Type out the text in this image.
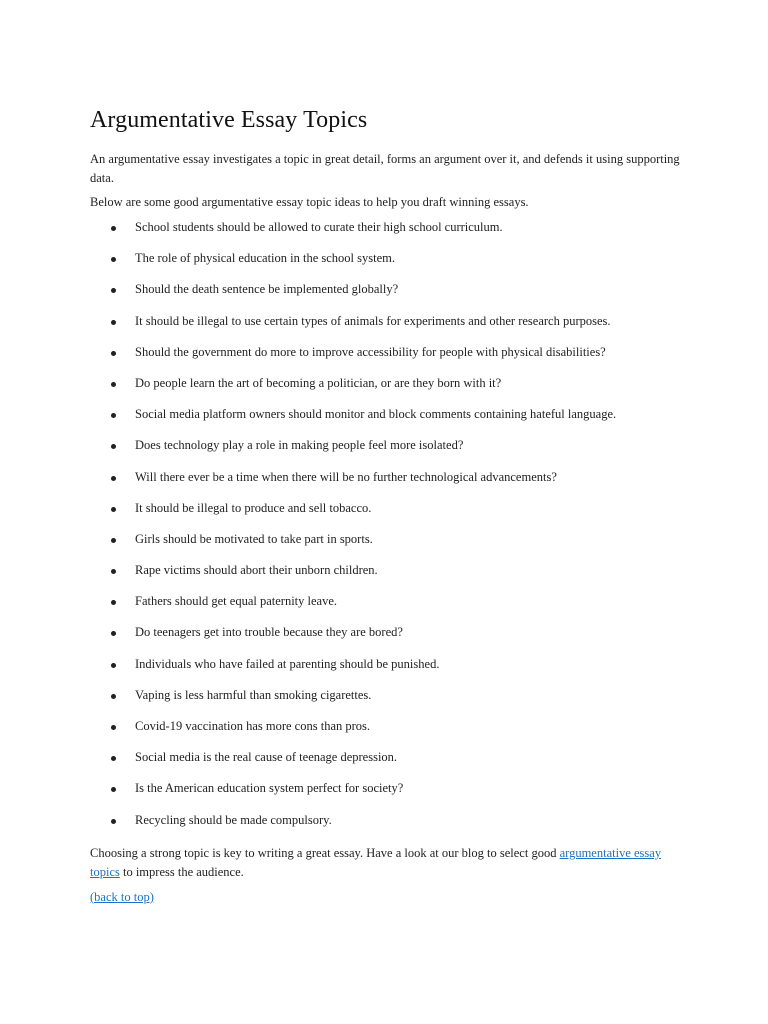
Argumentative Essay Topics

An argumentative essay investigates a topic in great detail, forms an argument over it, and defends it using supporting data.

Below are some good argumentative essay topic ideas to help you draft winning essays.

School students should be allowed to curate their high school curriculum.
The role of physical education in the school system.
Should the death sentence be implemented globally?
It should be illegal to use certain types of animals for experiments and other research purposes.
Should the government do more to improve accessibility for people with physical disabilities?
Do people learn the art of becoming a politician, or are they born with it?
Social media platform owners should monitor and block comments containing hateful language.
Does technology play a role in making people feel more isolated?
Will there ever be a time when there will be no further technological advancements?
It should be illegal to produce and sell tobacco.
Girls should be motivated to take part in sports.
Rape victims should abort their unborn children.
Fathers should get equal paternity leave.
Do teenagers get into trouble because they are bored?
Individuals who have failed at parenting should be punished.
Vaping is less harmful than smoking cigarettes.
Covid-19 vaccination has more cons than pros.
Social media is the real cause of teenage depression.
Is the American education system perfect for society?
Recycling should be made compulsory.

Choosing a strong topic is key to writing a great essay. Have a look at our blog to select good argumentative essay topics to impress the audience.

(back to top)
